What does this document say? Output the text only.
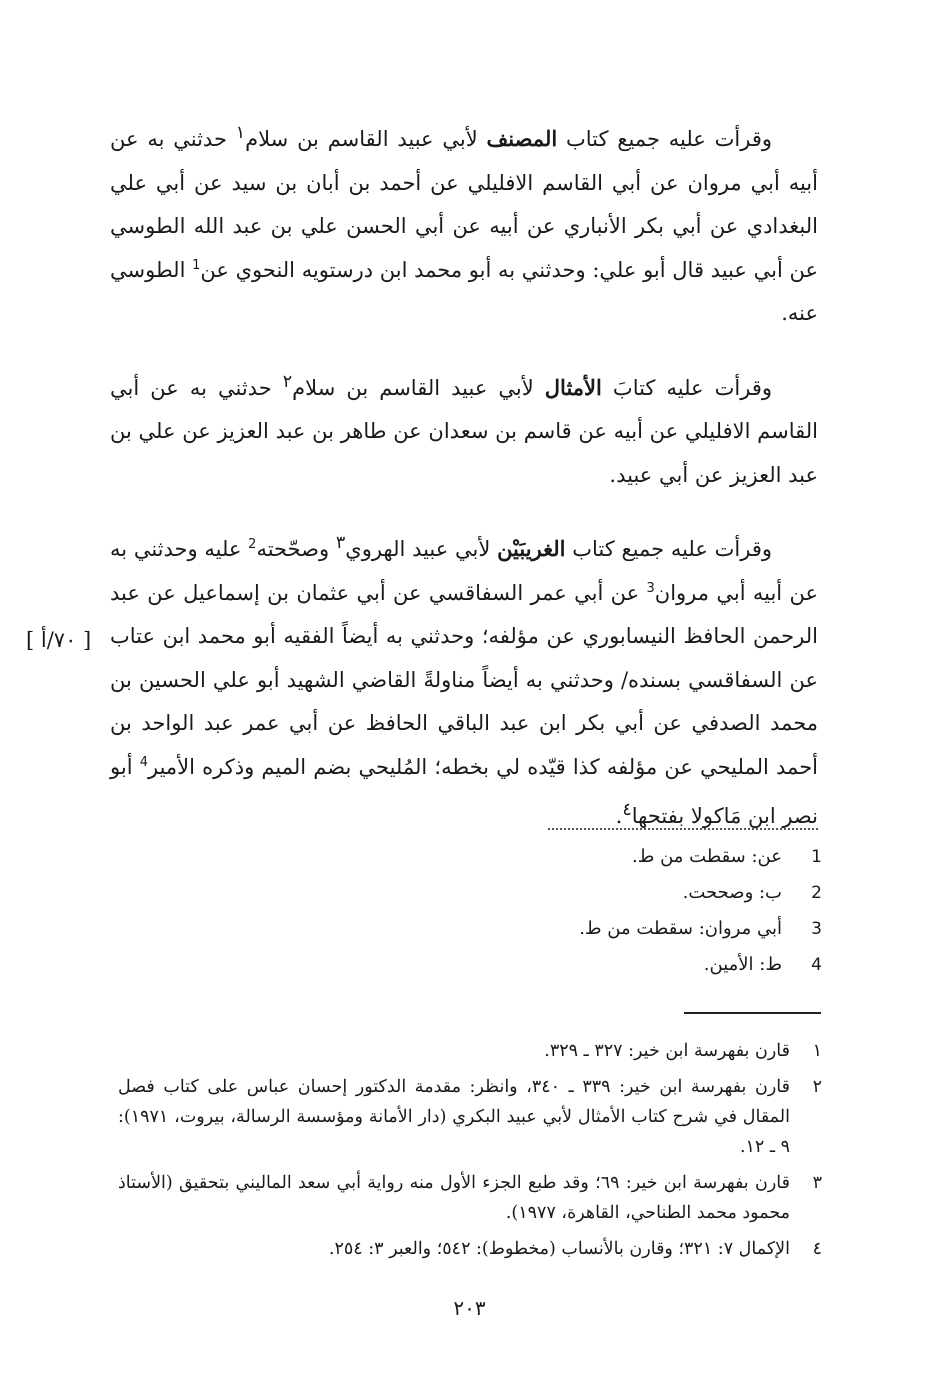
وقرأت عليه جميع كتاب المصنف لأبي عبيد القاسم بن سلام$^١$ حدثني به عن أبيه أبي مروان عن أبي القاسم الافليلي عن أحمد بن أبان بن سيد عن أبي علي البغدادي عن أبي بكر الأنباري عن أبيه عن أبي الحسن علي بن عبد الله الطوسي عن أبي عبيد قال أبو علي: وحدثني به أبو محمد ابن درستويه النحوي عن$^1$ الطوسي عنه.

وقرأت عليه كتابَ الأمثال لأبي عبيد القاسم بن سلام$^٢$ حدثني به عن أبي القاسم الافليلي عن أبيه عن قاسم بن سعدان عن طاهر بن عبد العزيز عن علي بن عبد العزيز عن أبي عبيد.

وقرأت عليه جميع كتاب الغريبَيْن لأبي عبيد الهروي$^٣$ وصحّحته$^2$ عليه وحدثني به عن أبيه أبي مروان$^3$ عن أبي عمر السفاقسي عن أبي عثمان بن إسماعيل عن عبد الرحمن الحافظ النيسابوري عن مؤلفه؛ وحدثني به أيضاً الفقيه أبو محمد ابن عتاب عن السفاقسي بسنده/ وحدثني به أيضاً مناولةً القاضي الشهيد أبو علي الحسين بن محمد الصدفي عن أبي بكر ابن عبد الباقي الحافظ عن أبي عمر عبد الواحد بن أحمد المليحي عن مؤلفه كذا قيّده لي بخطه؛ المُليحي بضم الميم وذكره الأمير$^4$ أبو نصر ابن مَاكولا بفتحها$^٤$.

[ ٧٠/أ ]
1
عن: سقطت من ط.
2
ب: وصححت.
3
أبي مروان: سقطت من ط.
4
ط: الأمين.
١
قارن بفهرسة ابن خير: ٣٢٧ ـ ٣٢٩.
٢
قارن بفهرسة ابن خير: ٣٣٩ ـ ٣٤٠، وانظر: مقدمة الدكتور إحسان عباس على كتاب فصل المقال في شرح كتاب الأمثال لأبي عبيد البكري (دار الأمانة ومؤسسة الرسالة، بيروت، ١٩٧١): ٩ ـ ١٢.
٣
قارن بفهرسة ابن خير: ٦٩؛ وقد طبع الجزء الأول منه رواية أبي سعد الماليني بتحقيق (الأستاذ محمود محمد الطناحي، القاهرة، ١٩٧٧).
٤
الإكمال ٧: ٣٢١؛ وقارن بالأنساب (مخطوط): ٥٤٢؛ والعبر ٣: ٢٥٤.
٢٠٣
